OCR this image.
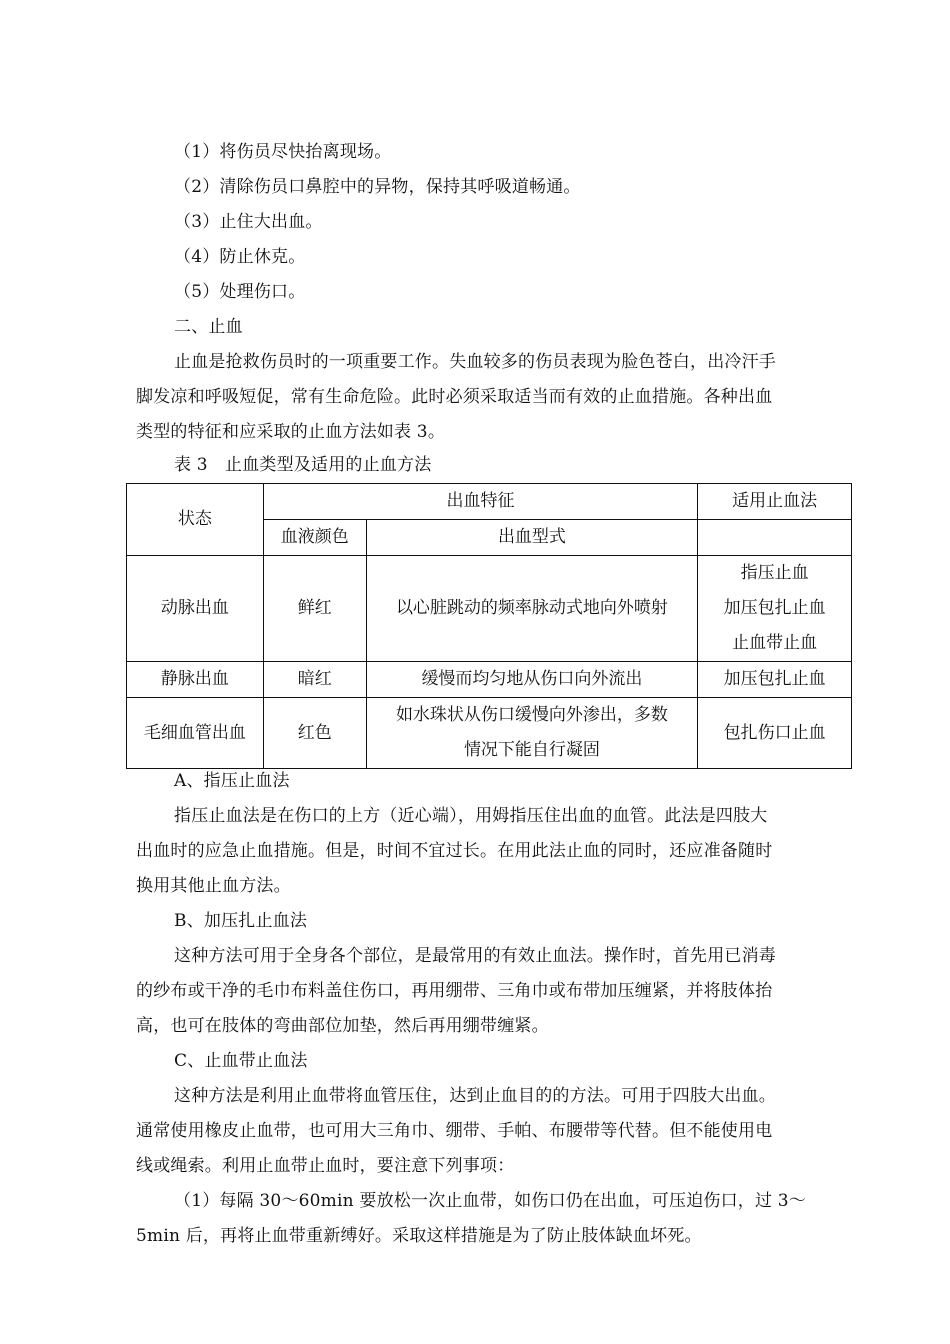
（1）将伤员尽快抬离现场。
（2）清除伤员口鼻腔中的异物，保持其呼吸道畅通。
（3）止住大出血。
（4）防止休克。
（5）处理伤口。
二、止血
止血是抢救伤员时的一项重要工作。失血较多的伤员表现为脸色苍白，出冷汗手
脚发凉和呼吸短促，常有生命危险。此时必须采取适当而有效的止血措施。各种出血
类型的特征和应采取的止血方法如表 3。
表 3　止血类型及适用的止血方法
状态	出血特征		适用止血法
	血液颜色	出血型式	
动脉出血	鲜红	以心脏跳动的频率脉动式地向外喷射	指压止血
加压包扎止血
止血带止血

静脉出血	暗红	缓慢而均匀地从伤口向外流出	加压包扎止血
毛细血管出血	红色	如水珠状从伤口缓慢向外渗出，多数
情况下能自行凝固	包扎伤口止血
A、指压止血法
指压止血法是在伤口的上方（近心端），用姆指压住出血的血管。此法是四肢大
出血时的应急止血措施。但是，时间不宜过长。在用此法止血的同时，还应准备随时
换用其他止血方法。
B、加压扎止血法
这种方法可用于全身各个部位，是最常用的有效止血法。操作时，首先用已消毒
的纱布或干净的毛巾布料盖住伤口，再用绷带、三角巾或布带加压缠紧，并将肢体抬
高，也可在肢体的弯曲部位加垫，然后再用绷带缠紧。
C、止血带止血法
这种方法是利用止血带将血管压住，达到止血目的的方法。可用于四肢大出血。
通常使用橡皮止血带，也可用大三角巾、绷带、手帕、布腰带等代替。但不能使用电
线或绳索。利用止血带止血时，要注意下列事项：
（1）每隔 30～60min 要放松一次止血带，如伤口仍在出血，可压迫伤口，过 3～
5min 后，再将止血带重新缚好。采取这样措施是为了防止肢体缺血坏死。
